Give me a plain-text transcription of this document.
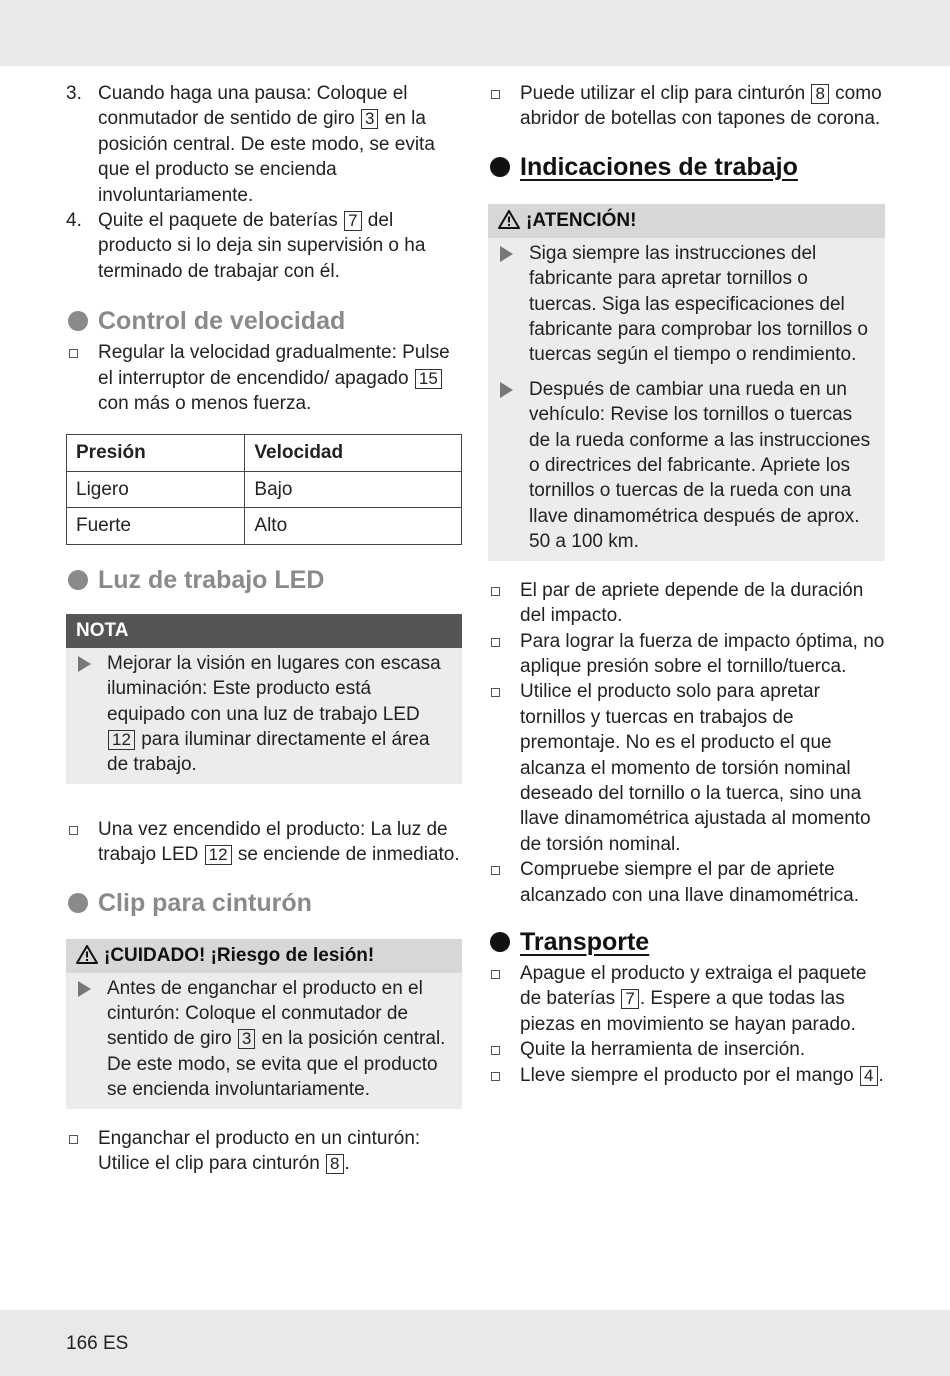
3. Cuando haga una pausa: Coloque el conmutador de sentido de giro 3 en la posición central. De este modo, se evita que el producto se encienda involuntariamente.
4. Quite el paquete de baterías 7 del producto si lo deja sin supervisión o ha terminado de trabajar con él.
Control de velocidad
Regular la velocidad gradualmente: Pulse el interruptor de encendido/ apagado 15 con más o menos fuerza.
Presión	Velocidad
Ligero	Bajo
Fuerte	Alto
Luz de trabajo LED
NOTA
Mejorar la visión en lugares con escasa iluminación: Este producto está equipado con una luz de trabajo LED 12 para iluminar directamente el área de trabajo.
Una vez encendido el producto: La luz de trabajo LED 12 se enciende de inmediato.
Clip para cinturón
¡CUIDADO! ¡Riesgo de lesión!
Antes de enganchar el producto en el cinturón: Coloque el conmutador de sentido de giro 3 en la posición central. De este modo, se evita que el producto se encienda involuntariamente.
Enganchar el producto en un cinturón: Utilice el clip para cinturón 8 .
Puede utilizar el clip para cinturón 8 como abridor de botellas con tapones de corona.
Indicaciones de trabajo
¡ATENCIÓN!
Siga siempre las instrucciones del fabricante para apretar tornillos o tuercas. Siga las especificaciones del fabricante para comprobar los tornillos o tuercas según el tiempo o rendimiento.
Después de cambiar una rueda en un vehículo: Revise los tornillos o tuercas de la rueda conforme a las instrucciones o directrices del fabricante. Apriete los tornillos o tuercas de la rueda con una llave dinamométrica después de aprox. 50 a 100 km.
El par de apriete depende de la duración del impacto.
Para lograr la fuerza de impacto óptima, no aplique presión sobre el tornillo/tuerca.
Utilice el producto solo para apretar tornillos y tuercas en trabajos de premontaje. No es el producto el que alcanza el momento de torsión nominal deseado del tornillo o la tuerca, sino una llave dinamométrica ajustada al momento de torsión nominal.
Compruebe siempre el par de apriete alcanzado con una llave dinamométrica.
Transporte
Apague el producto y extraiga el paquete de baterías 7 . Espere a que todas las piezas en movimiento se hayan parado.
Quite la herramienta de inserción.
Lleve siempre el producto por el mango 4 .
166 ES
